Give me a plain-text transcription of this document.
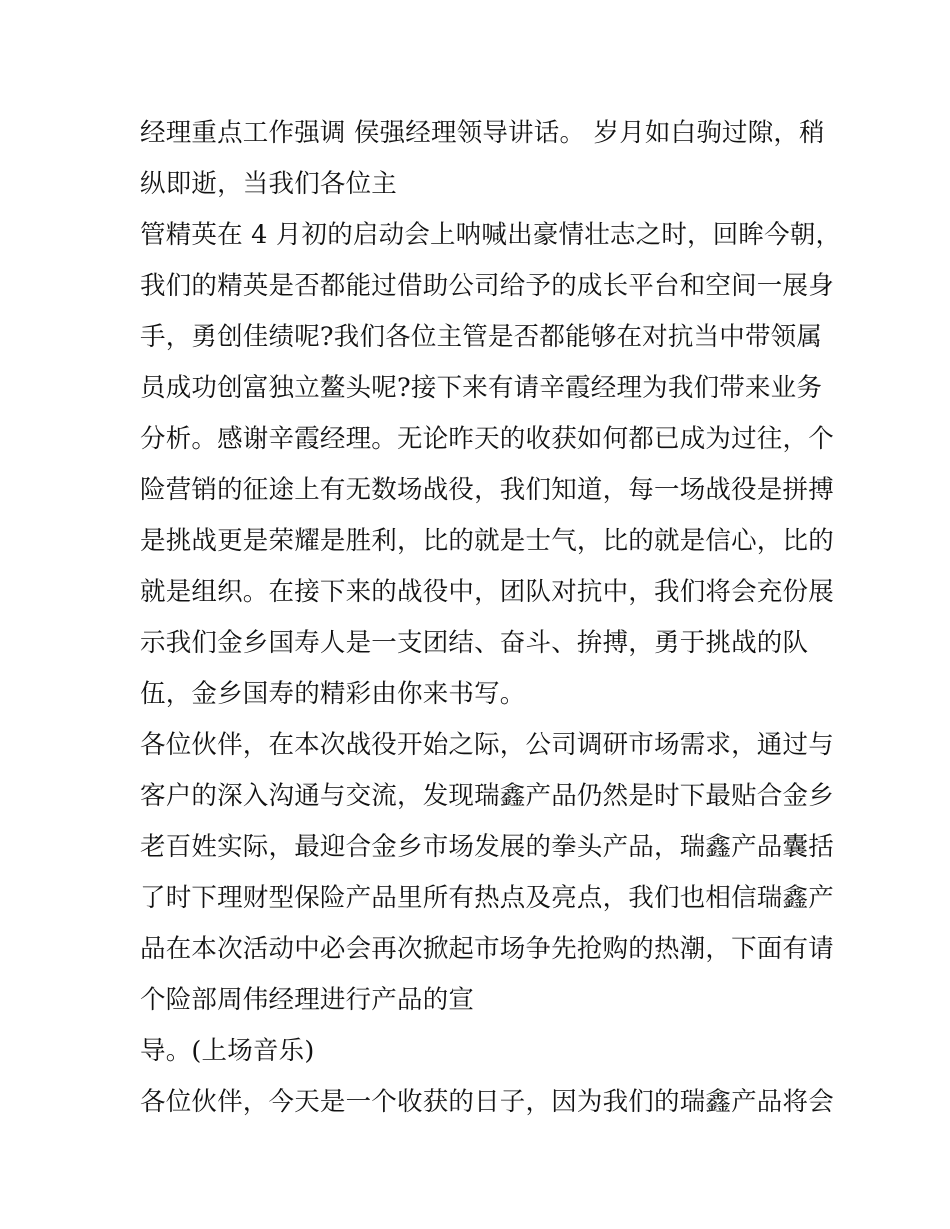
经理重点工作强调 侯强经理领导讲话。 岁月如白驹过隙，稍
纵即逝，当我们各位主
管精英在 4 月初的启动会上呐喊出豪情壮志之时，回眸今朝，
我们的精英是否都能过借助公司给予的成长平台和空间一展身
手，勇创佳绩呢?我们各位主管是否都能够在对抗当中带领属
员成功创富独立鳌头呢?接下来有请辛霞经理为我们带来业务
分析。感谢辛霞经理。无论昨天的收获如何都已成为过往，个
险营销的征途上有无数场战役，我们知道，每一场战役是拼搏
是挑战更是荣耀是胜利，比的就是士气，比的就是信心，比的
就是组织。在接下来的战役中，团队对抗中，我们将会充份展
示我们金乡国寿人是一支团结、奋斗、拚搏，勇于挑战的队
伍，金乡国寿的精彩由你来书写。
各位伙伴，在本次战役开始之际，公司调研市场需求，通过与
客户的深入沟通与交流，发现瑞鑫产品仍然是时下最贴合金乡
老百姓实际，最迎合金乡市场发展的拳头产品，瑞鑫产品囊括
了时下理财型保险产品里所有热点及亮点，我们也相信瑞鑫产
品在本次活动中必会再次掀起市场争先抢购的热潮，下面有请
个险部周伟经理进行产品的宣
导。(上场音乐)
各位伙伴，今天是一个收获的日子，因为我们的瑞鑫产品将会
